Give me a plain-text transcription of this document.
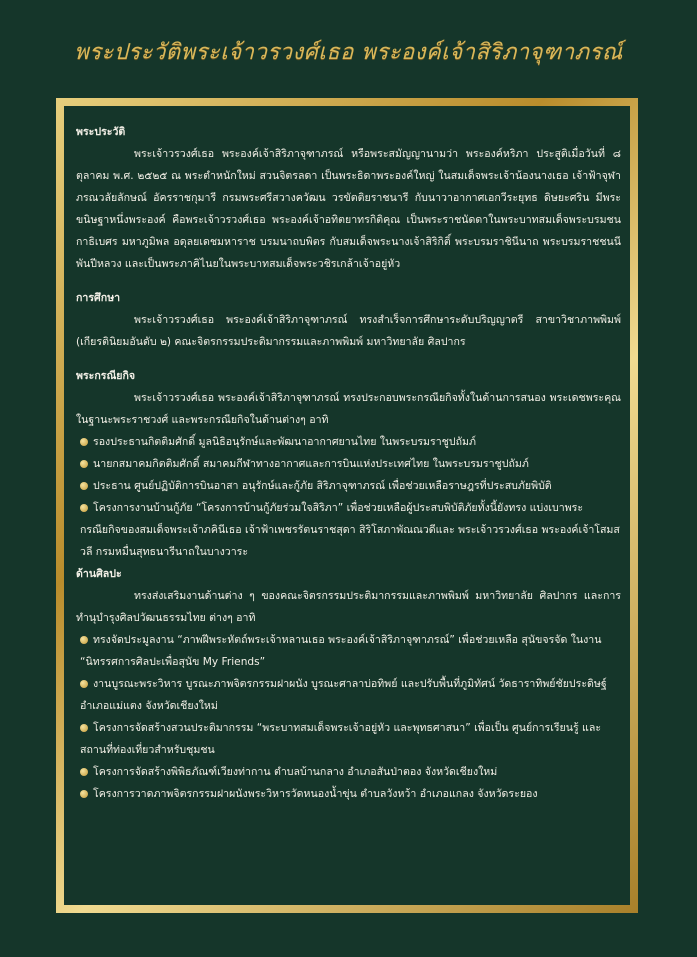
พระประวัติพระเจ้าวรวงศ์เธอ พระองค์เจ้าสิริภาจุฑาภรณ์

พระประวัติ

พระเจ้าวรวงศ์เธอ พระองค์เจ้าสิริภาจุฑาภรณ์ หรือพระสมัญญานามว่า พระองค์หริภา ประสูติเมื่อวันที่ ๘ ตุลาคม พ.ศ. ๒๕๒๕ ณ พระตำหนักใหม่ สวนจิตรลดา เป็นพระธิดาพระองค์ใหญ่ ในสมเด็จพระเจ้าน้องนางเธอ เจ้าฟ้าจุฬาภรณวลัยลักษณ์ อัครราชกุมารี กรมพระศรีสวางควัฒน วรขัตติยราชนารี กับนาวาอากาศเอกวีระยุทธ ดิษยะศริน มีพระขนิษฐาหนึ่งพระองค์ คือพระเจ้าวรวงศ์เธอ พระองค์เจ้าอทิตยาทรกิติคุณ เป็นพระราชนัดดาในพระบาทสมเด็จพระบรมชนกาธิเบศร มหาภูมิพล อดุลยเดชมหาราช บรมนาถบพิตร กับสมเด็จพระนางเจ้าสิริกิติ์ พระบรมราชินีนาถ พระบรมราชชนนี พันปีหลวง และเป็นพระภาคิไนยในพระบาทสมเด็จพระวชิรเกล้าเจ้าอยู่หัว

การศึกษา

พระเจ้าวรวงศ์เธอ พระองค์เจ้าสิริภาจุฑาภรณ์ ทรงสำเร็จการศึกษาระดับปริญญาตรี สาขาวิชาภาพพิมพ์ (เกียรตินิยมอันดับ ๒) คณะจิตรกรรมประติมากรรมและภาพพิมพ์ มหาวิทยาลัย ศิลปากร

พระกรณียกิจ

พระเจ้าวรวงศ์เธอ พระองค์เจ้าสิริภาจุฑาภรณ์ ทรงประกอบพระกรณียกิจทั้งในด้านการสนอง พระเดชพระคุณในฐานะพระราชวงศ์ และพระกรณียกิจในด้านต่างๆ อาทิ

รองประธานกิตติมศักดิ์ มูลนิธิอนุรักษ์และพัฒนาอากาศยานไทย ในพระบรมราชูปถัมภ์

นายกสมาคมกิตติมศักดิ์ สมาคมกีฬาทางอากาศและการบินแห่งประเทศไทย ในพระบรมราชูปถัมภ์

ประธาน ศูนย์ปฏิบัติการบินอาสา อนุรักษ์และกู้ภัย สิริภาจุฑาภรณ์ เพื่อช่วยเหลือราษฎรที่ประสบภัยพิบัติ

โครงการงานบ้านกู้ภัย “โครงการบ้านกู้ภัยร่วมใจสิริภา” เพื่อช่วยเหลือผู้ประสบพิบัติภัยทั้งนี้ยังทรง แบ่งเบาพระกรณียกิจของสมเด็จพระเจ้าภคินีเธอ เจ้าฟ้าเพชรรัตนราชสุดา สิริโสภาพัณณวดีและ พระเจ้าวรวงศ์เธอ พระองค์เจ้าโสมสวลี กรมหมื่นสุทธนารีนาถในบางวาระ

ด้านศิลปะ

ทรงส่งเสริมงานด้านต่าง ๆ ของคณะจิตรกรรมประติมากรรมและภาพพิมพ์ มหาวิทยาลัย ศิลปากร และการทำนุบำรุงศิลปวัฒนธรรมไทย ต่างๆ อาทิ

ทรงจัดประมูลงาน “ภาพฝีพระหัตถ์พระเจ้าหลานเธอ พระองค์เจ้าสิริภาจุฑาภรณ์” เพื่อช่วยเหลือ สุนัขจรจัด ในงาน “นิทรรศการศิลปะเพื่อสุนัข My Friends”

งานบูรณะพระวิหาร บูรณะภาพจิตรกรรมฝาผนัง บูรณะศาลาบ่อทิพย์ และปรับพื้นที่ภูมิทัศน์ วัดธาราทิพย์ชัยประดิษฐ์ อำเภอแม่แตง จังหวัดเชียงใหม่

โครงการจัดสร้างสวนประติมากรรม “พระบาทสมเด็จพระเจ้าอยู่หัว และพุทธศาสนา” เพื่อเป็น ศูนย์การเรียนรู้ และสถานที่ท่องเที่ยวสำหรับชุมชน

โครงการจัดสร้างพิพิธภัณฑ์เวียงท่ากาน ตำบลบ้านกลาง อำเภอสันป่าตอง จังหวัดเชียงใหม่

โครงการวาดภาพจิตรกรรมฝาผนังพระวิหารวัดหนองน้ำขุ่น ตำบลวังหว้า อำเภอแกลง จังหวัดระยอง
